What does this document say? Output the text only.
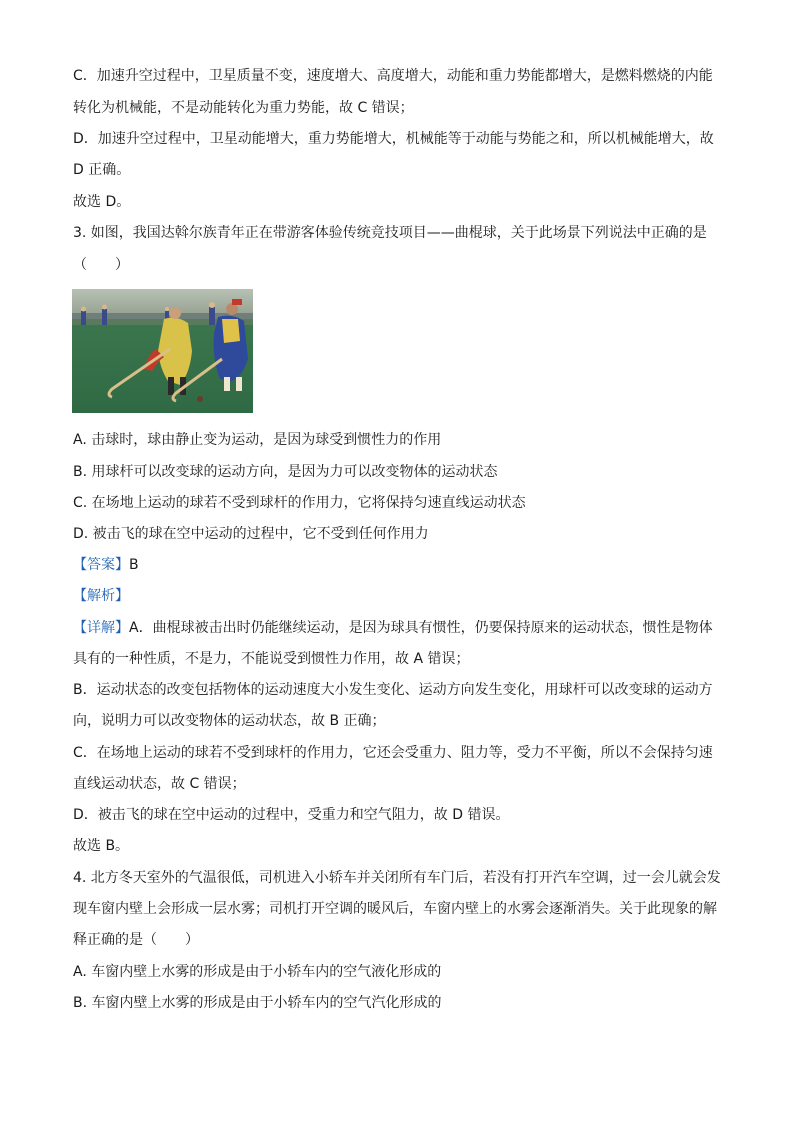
C．加速升空过程中，卫星质量不变，速度增大、高度增大，动能和重力势能都增大，是燃料燃烧的内能
转化为机械能，不是动能转化为重力势能，故 C 错误；
D．加速升空过程中，卫星动能增大，重力势能增大，机械能等于动能与势能之和，所以机械能增大，故
D 正确。
故选 D。
3. 如图，我国达斡尔族青年正在带游客体验传统竞技项目——曲棍球，关于此场景下列说法中正确的是
（　　）
A. 击球时，球由静止变为运动，是因为球受到惯性力的作用
B. 用球杆可以改变球的运动方向，是因为力可以改变物体的运动状态
C. 在场地上运动的球若不受到球杆的作用力，它将保持匀速直线运动状态
D. 被击飞的球在空中运动的过程中，它不受到任何作用力
【答案】B
【解析】
【详解】A．曲棍球被击出时仍能继续运动，是因为球具有惯性，仍要保持原来的运动状态，惯性是物体
具有的一种性质，不是力，不能说受到惯性力作用，故 A 错误；
B．运动状态的改变包括物体的运动速度大小发生变化、运动方向发生变化，用球杆可以改变球的运动方
向，说明力可以改变物体的运动状态，故 B 正确；
C．在场地上运动的球若不受到球杆的作用力，它还会受重力、阻力等，受力不平衡，所以不会保持匀速
直线运动状态，故 C 错误；
D．被击飞的球在空中运动的过程中，受重力和空气阻力，故 D 错误。
故选 B。
4. 北方冬天室外的气温很低，司机进入小轿车并关闭所有车门后，若没有打开汽车空调，过一会儿就会发
现车窗内壁上会形成一层水雾；司机打开空调的暖风后，车窗内壁上的水雾会逐渐消失。关于此现象的解
释正确的是（　　）
A. 车窗内壁上水雾的形成是由于小轿车内的空气液化形成的
B. 车窗内壁上水雾的形成是由于小轿车内的空气汽化形成的
